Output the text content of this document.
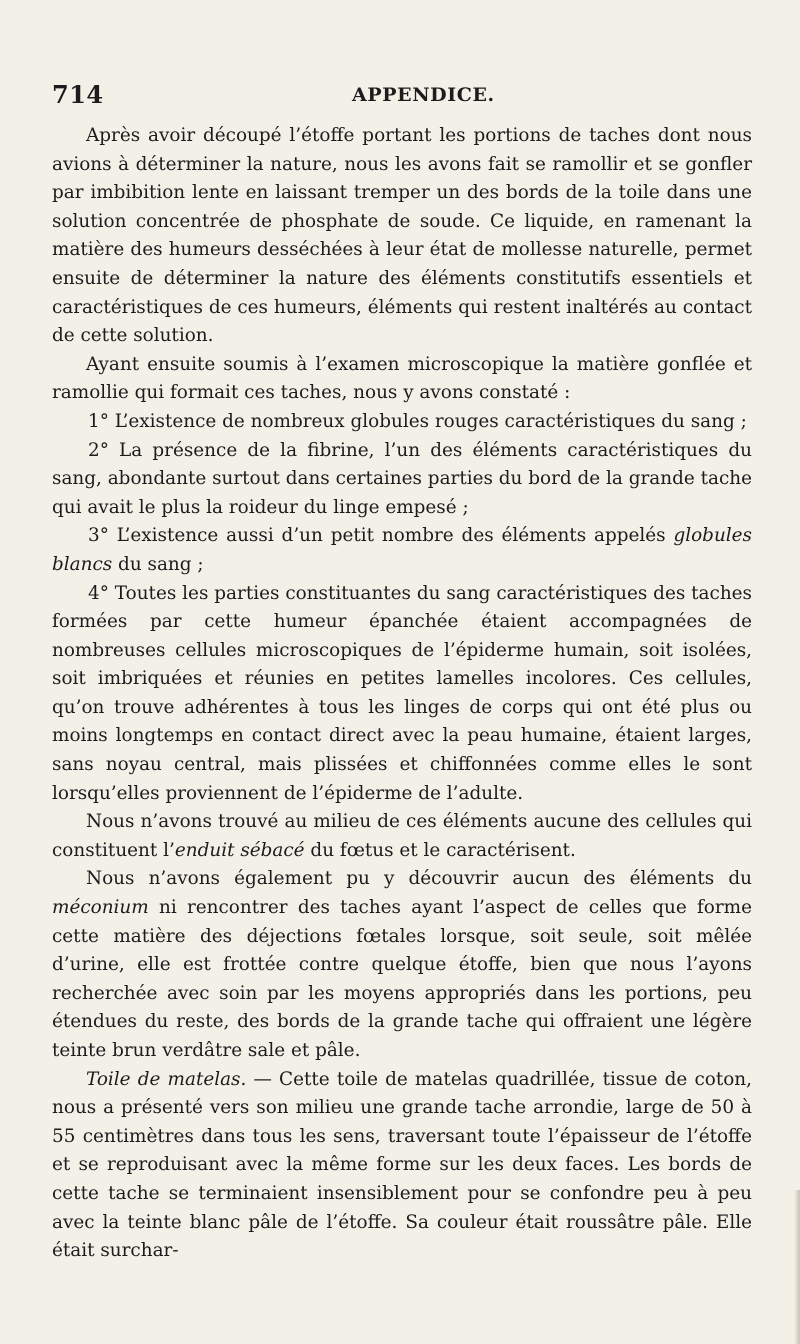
714	APPENDICE.

Après avoir découpé l’étoffe portant les portions de taches dont nous avions à déterminer la nature, nous les avons fait se ramollir et se gonfler par imbibition lente en laissant tremper un des bords de la toile dans une solution concentrée de phosphate de soude. Ce liquide, en ramenant la matière des humeurs desséchées à leur état de mollesse naturelle, permet ensuite de déterminer la nature des éléments constitutifs essentiels et caractéristiques de ces humeurs, éléments qui restent inaltérés au contact de cette solution.

Ayant ensuite soumis à l’examen microscopique la matière gonflée et ramollie qui formait ces taches, nous y avons constaté :

1° L’existence de nombreux globules rouges caractéristiques du sang ;

2° La présence de la fibrine, l’un des éléments caractéristiques du sang, abondante surtout dans certaines parties du bord de la grande tache qui avait le plus la roideur du linge empesé ;

3° L’existence aussi d’un petit nombre des éléments appelés globules blancs du sang ;

4° Toutes les parties constituantes du sang caractéristiques des taches formées par cette humeur épanchée étaient accompagnées de nombreuses cellules microscopiques de l’épiderme humain, soit isolées, soit imbriquées et réunies en petites lamelles incolores. Ces cellules, qu’on trouve adhérentes à tous les linges de corps qui ont été plus ou moins longtemps en contact direct avec la peau humaine, étaient larges, sans noyau central, mais plissées et chiffonnées comme elles le sont lorsqu’elles proviennent de l’épiderme de l’adulte.

Nous n’avons trouvé au milieu de ces éléments aucune des cellules qui constituent l’enduit sébacé du fœtus et le caractérisent.

Nous n’avons également pu y découvrir aucun des éléments du méconium ni rencontrer des taches ayant l’aspect de celles que forme cette matière des déjections fœtales lorsque, soit seule, soit mêlée d’urine, elle est frottée contre quelque étoffe, bien que nous l’ayons recherchée avec soin par les moyens appropriés dans les portions, peu étendues du reste, des bords de la grande tache qui offraient une légère teinte brun verdâtre sale et pâle.

Toile de matelas. — Cette toile de matelas quadrillée, tissue de coton, nous a présenté vers son milieu une grande tache arrondie, large de 50 à 55 centimètres dans tous les sens, traversant toute l’épaisseur de l’étoffe et se reproduisant avec la même forme sur les deux faces. Les bords de cette tache se terminaient insensiblement pour se confondre peu à peu avec la teinte blanc pâle de l’étoffe. Sa couleur était roussâtre pâle. Elle était surchar-
